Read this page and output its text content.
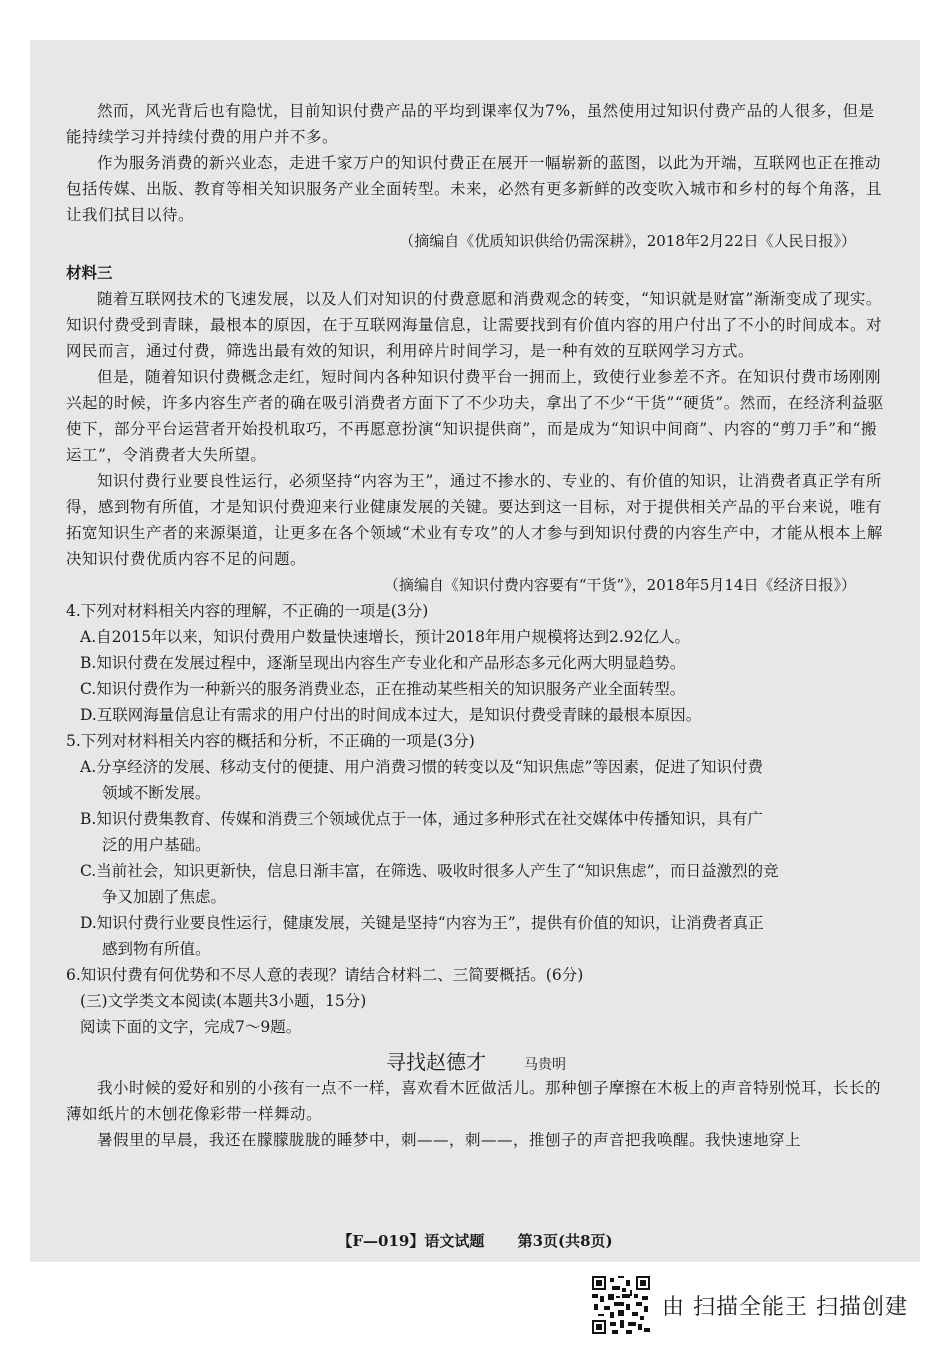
然而，风光背后也有隐忧，目前知识付费产品的平均到课率仅为7%，虽然使用过知识付费产品的人很多，但是能持续学习并持续付费的用户并不多。
作为服务消费的新兴业态，走进千家万户的知识付费正在展开一幅崭新的蓝图，以此为开端，互联网也正在推动包括传媒、出版、教育等相关知识服务产业全面转型。未来，必然有更多新鲜的改变吹入城市和乡村的每个角落，且让我们拭目以待。
（摘编自《优质知识供给仍需深耕》，2018年2月22日《人民日报》）
材料三
随着互联网技术的飞速发展，以及人们对知识的付费意愿和消费观念的转变，“知识就是财富”渐渐变成了现实。知识付费受到青睐，最根本的原因，在于互联网海量信息，让需要找到有价值内容的用户付出了不小的时间成本。对网民而言，通过付费，筛选出最有效的知识，利用碎片时间学习，是一种有效的互联网学习方式。
但是，随着知识付费概念走红，短时间内各种知识付费平台一拥而上，致使行业参差不齐。在知识付费市场刚刚兴起的时候，许多内容生产者的确在吸引消费者方面下了不少功夫，拿出了不少“干货”“硬货”。然而，在经济利益驱使下，部分平台运营者开始投机取巧，不再愿意扮演“知识提供商”，而是成为“知识中间商”、内容的“剪刀手”和“搬运工”，令消费者大失所望。
知识付费行业要良性运行，必须坚持“内容为王”，通过不掺水的、专业的、有价值的知识，让消费者真正学有所得，感到物有所值，才是知识付费迎来行业健康发展的关键。要达到这一目标，对于提供相关产品的平台来说，唯有拓宽知识生产者的来源渠道，让更多在各个领域“术业有专攻”的人才参与到知识付费的内容生产中，才能从根本上解决知识付费优质内容不足的问题。
（摘编自《知识付费内容要有“干货”》，2018年5月14日《经济日报》）
4.下列对材料相关内容的理解，不正确的一项是(3分)
A.自2015年以来，知识付费用户数量快速增长，预计2018年用户规模将达到2.92亿人。
B.知识付费在发展过程中，逐渐呈现出内容生产专业化和产品形态多元化两大明显趋势。
C.知识付费作为一种新兴的服务消费业态，正在推动某些相关的知识服务产业全面转型。
D.互联网海量信息让有需求的用户付出的时间成本过大，是知识付费受青睐的最根本原因。
5.下列对材料相关内容的概括和分析，不正确的一项是(3分)
A.分享经济的发展、移动支付的便捷、用户消费习惯的转变以及“知识焦虑”等因素，促进了知识付费
领域不断发展。
B.知识付费集教育、传媒和消费三个领域优点于一体，通过多种形式在社交媒体中传播知识，具有广
泛的用户基础。
C.当前社会，知识更新快，信息日渐丰富，在筛选、吸收时很多人产生了“知识焦虑”，而日益激烈的竞
争又加剧了焦虑。
D.知识付费行业要良性运行，健康发展，关键是坚持“内容为王”，提供有价值的知识，让消费者真正
感到物有所值。
6.知识付费有何优势和不尽人意的表现？请结合材料二、三简要概括。(6分)
(三)文学类文本阅读(本题共3小题，15分)
阅读下面的文字，完成7～9题。
寻找赵德才	马贵明
我小时候的爱好和别的小孩有一点不一样，喜欢看木匠做活儿。那种刨子摩擦在木板上的声音特别悦耳，长长的薄如纸片的木刨花像彩带一样舞动。
暑假里的早晨，我还在朦朦胧胧的睡梦中，刺——，刺——，推刨子的声音把我唤醒。我快速地穿上
【F—019】语文试题 第3页(共8页)
由 扫描全能王 扫描创建
